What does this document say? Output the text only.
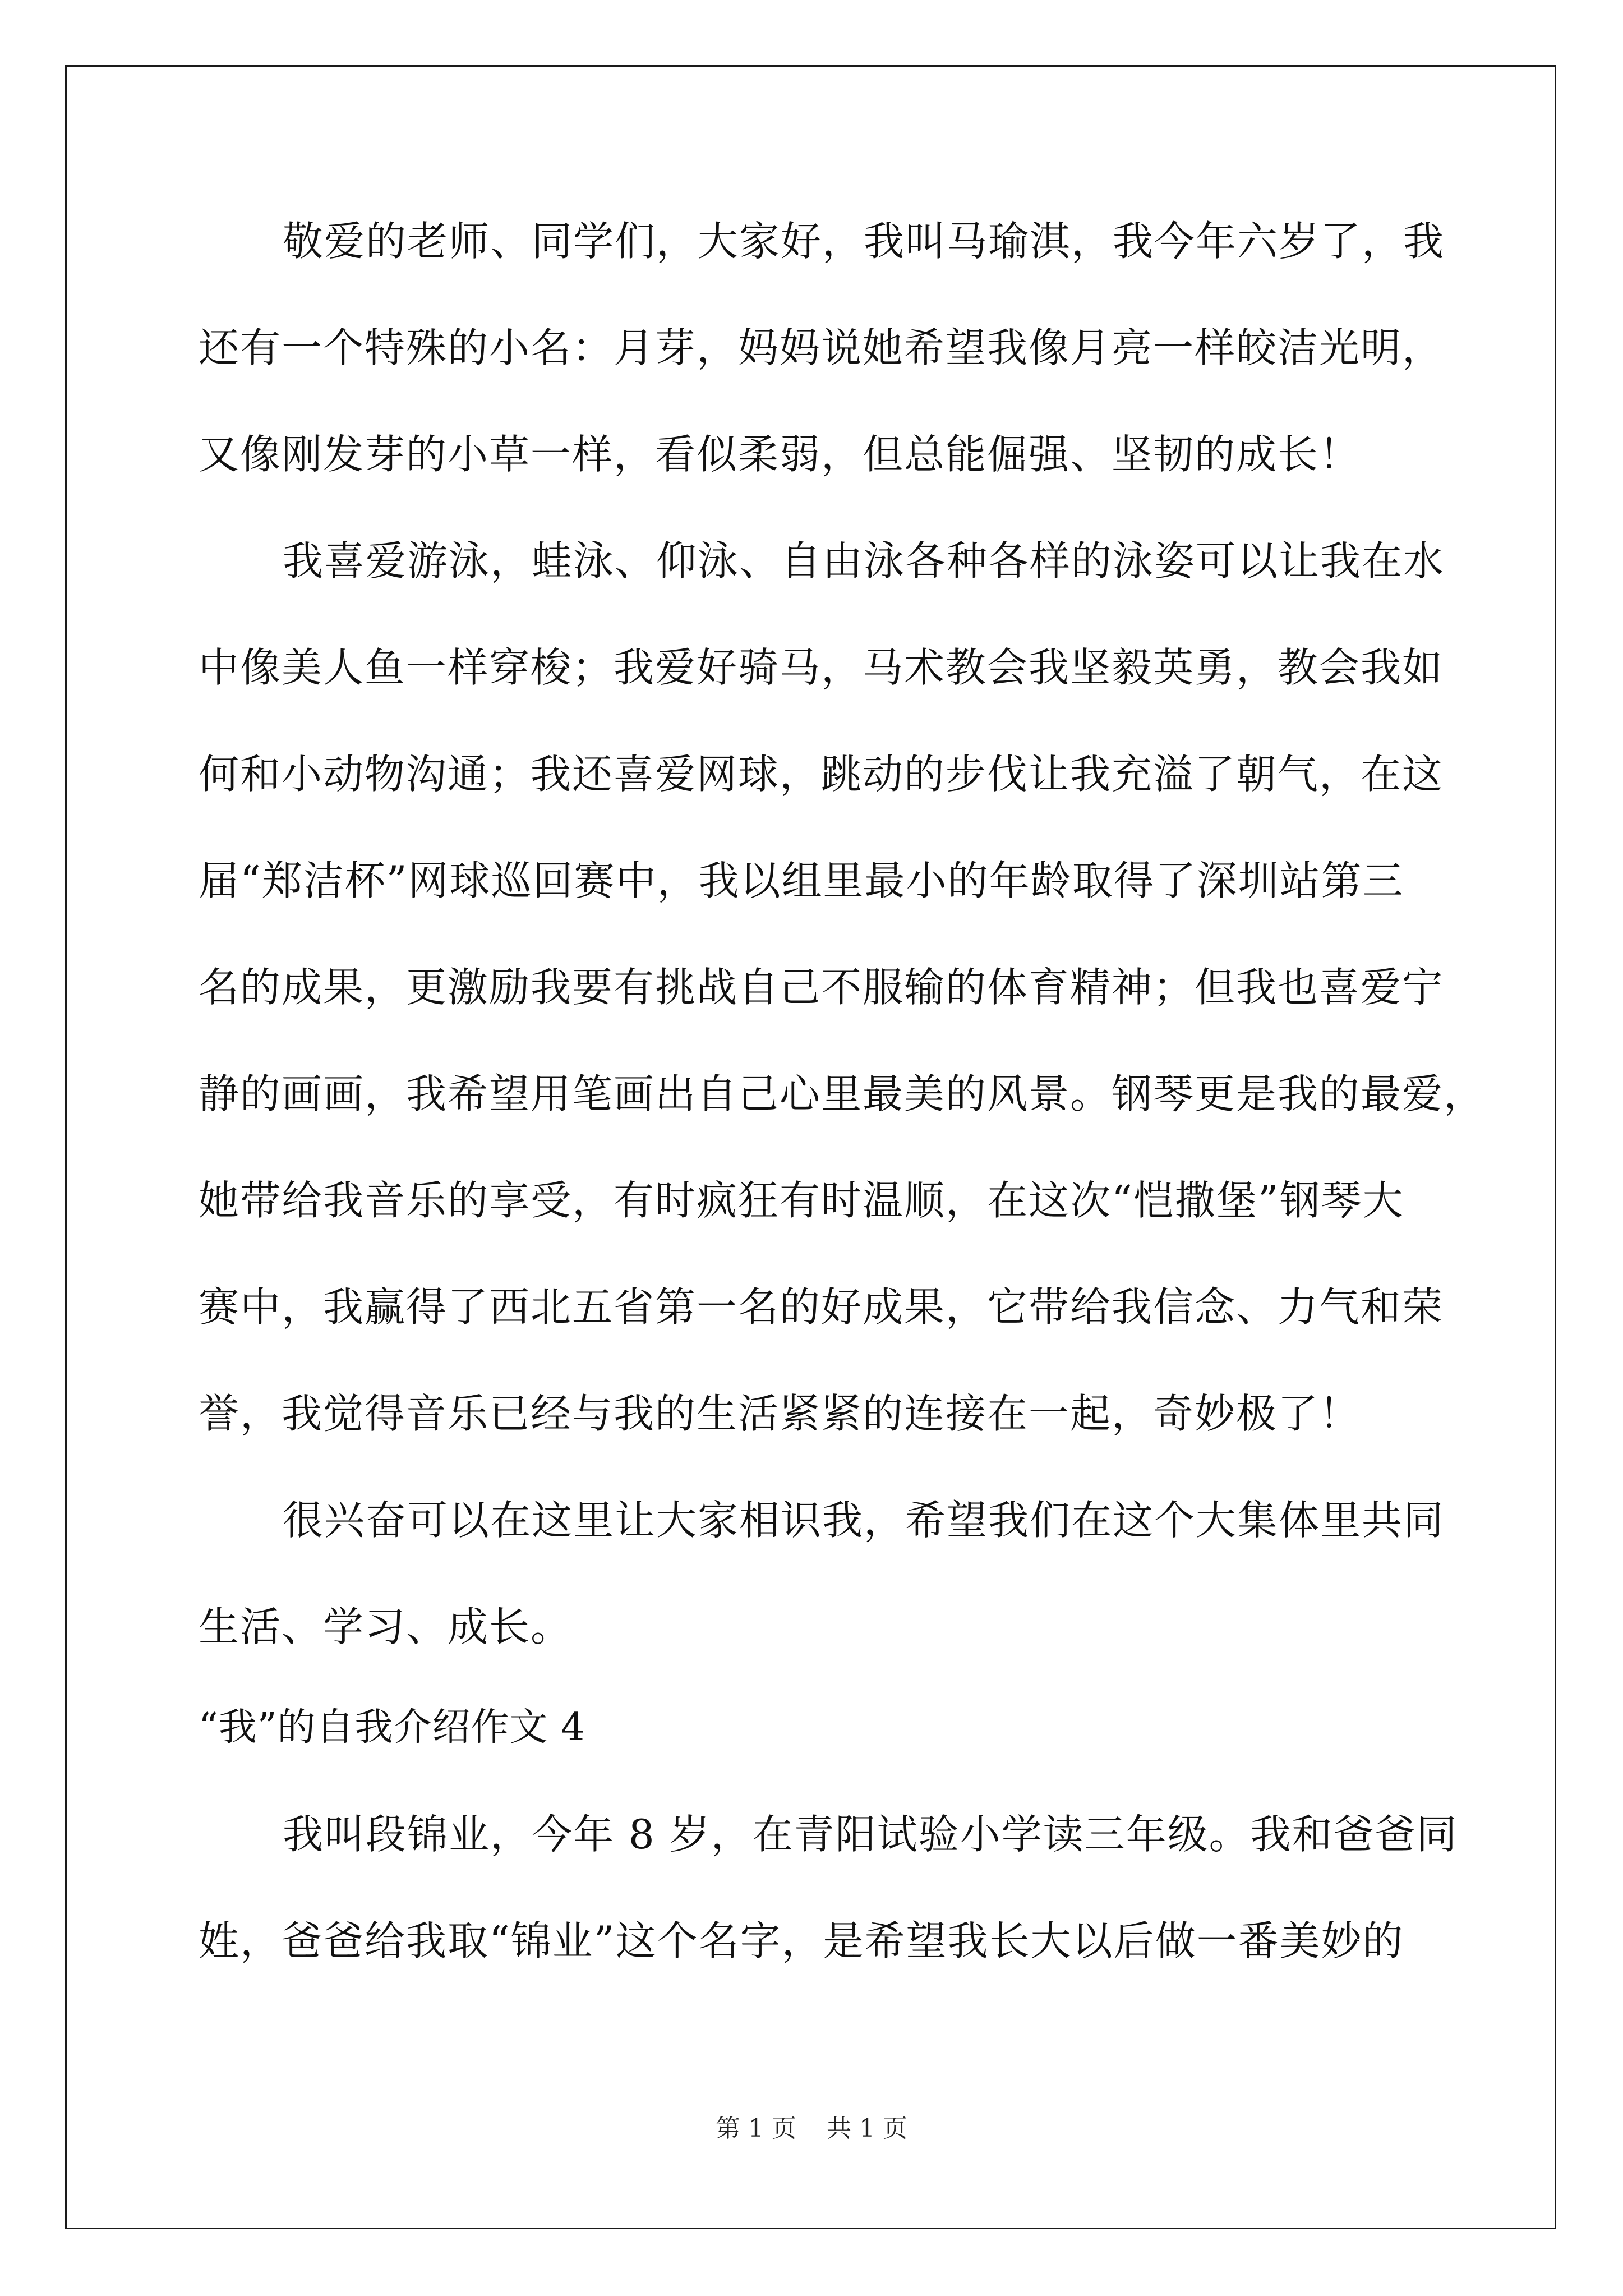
敬爱的老师、同学们，大家好，我叫马瑜淇，我今年六岁了，我
还有一个特殊的小名：月芽，妈妈说她希望我像月亮一样皎洁光明，
又像刚发芽的小草一样，看似柔弱，但总能倔强、坚韧的成长！
我喜爱游泳，蛙泳、仰泳、自由泳各种各样的泳姿可以让我在水
中像美人鱼一样穿梭；我爱好骑马，马术教会我坚毅英勇，教会我如
何和小动物沟通；我还喜爱网球，跳动的步伐让我充溢了朝气，在这
届“郑洁杯”网球巡回赛中，我以组里最小的年龄取得了深圳站第三
名的成果，更激励我要有挑战自己不服输的体育精神；但我也喜爱宁
静的画画，我希望用笔画出自己心里最美的风景。钢琴更是我的最爱，
她带给我音乐的享受，有时疯狂有时温顺，在这次“恺撒堡”钢琴大
赛中，我赢得了西北五省第一名的好成果，它带给我信念、力气和荣
誉，我觉得音乐已经与我的生活紧紧的连接在一起，奇妙极了！
很兴奋可以在这里让大家相识我，希望我们在这个大集体里共同
生活、学习、成长。
“我”的自我介绍作文 4
我叫段锦业，今年 8 岁，在青阳试验小学读三年级。我和爸爸同
姓，爸爸给我取“锦业”这个名字，是希望我长大以后做一番美妙的
第 1 页 共 1 页
